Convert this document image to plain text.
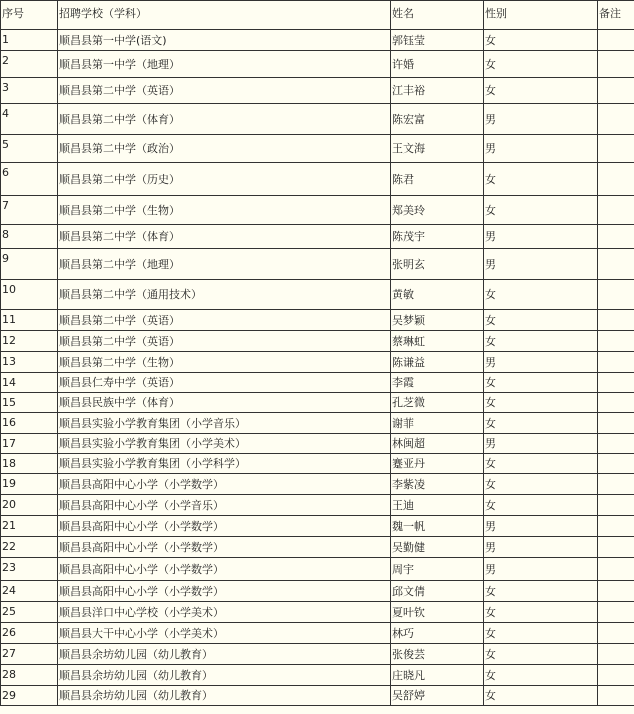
序号	招聘学校（学科）	姓名	性别	备注
1	顺昌县第一中学(语文)	郭钰莹	女	
2	顺昌县第一中学（地理）	许婚	女	
3	顺昌县第二中学（英语）	江丰裕	女	
4	顺昌县第二中学（体育）	陈宏富	男	
5	顺昌县第二中学（政治）	王文海	男	
6	顺昌县第二中学（历史）	陈君	女	
7	顺昌县第二中学（生物）	郑美玲	女	
8	顺昌县第二中学（体育）	陈茂宇	男	
9	顺昌县第二中学（地理）	张明玄	男	
10	顺昌县第二中学（通用技术）	黄敏	女	
11	顺昌县第二中学（英语）	吴梦颖	女	
12	顺昌县第二中学（英语）	蔡琳虹	女	
13	顺昌县第二中学（生物）	陈谦益	男	
14	顺昌县仁寿中学（英语）	李霞	女	
15	顺昌县民族中学（体育）	孔芝微	女	
16	顺昌县实验小学教育集团（小学音乐）	谢菲	女	
17	顺昌县实验小学教育集团（小学美术）	林闽超	男	
18	顺昌县实验小学教育集团（小学科学）	蹇亚丹	女	
19	顺昌县高阳中心小学（小学数学）	李紫凌	女	
20	顺昌县高阳中心小学（小学音乐）	王迪	女	
21	顺昌县高阳中心小学（小学数学）	魏一帆	男	
22	顺昌县高阳中心小学（小学数学）	吴勤健	男	
23	顺昌县高阳中心小学（小学数学）	周宇	男	
24	顺昌县高阳中心小学（小学数学）	邱文倩	女	
25	顺昌县洋口中心学校（小学美术）	夏叶钦	女	
26	顺昌县大干中心小学（小学美术）	林巧	女	
27	顺昌县余坊幼儿园（幼儿教育）	张俊芸	女	
28	顺昌县余坊幼儿园（幼儿教育）	庄晓凡	女	
29	顺昌县余坊幼儿园（幼儿教育）	吴舒婷	女	
